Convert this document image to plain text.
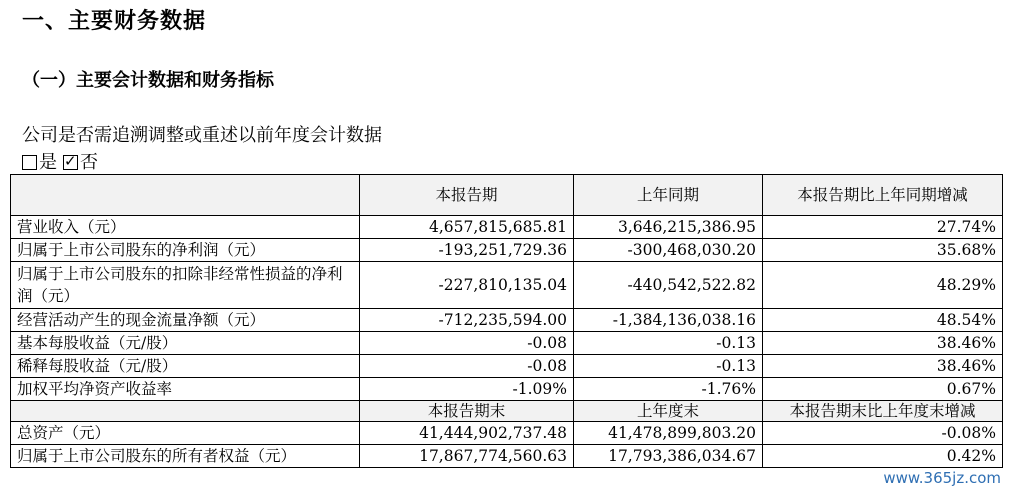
一、主要财务数据
（一）主要会计数据和财务指标
公司是否需追溯调整或重述以前年度会计数据
是 ✓ 否
	本报告期	上年同期	本报告期比上年同期增减
营业收入（元）	4,657,815,685.81	3,646,215,386.95	27.74%
归属于上市公司股东的净利润（元）	-193,251,729.36	-300,468,030.20	35.68%
归属于上市公司股东的扣除非经常性损益的净利润（元）	-227,810,135.04	-440,542,522.82	48.29%
经营活动产生的现金流量净额（元）	-712,235,594.00	-1,384,136,038.16	48.54%
基本每股收益（元/股）	-0.08	-0.13	38.46%
稀释每股收益（元/股）	-0.08	-0.13	38.46%
加权平均净资产收益率	-1.09%	-1.76%	0.67%
	本报告期末	上年度末	本报告期末比上年度末增减
总资产（元）	41,444,902,737.48	41,478,899,803.20	-0.08%
归属于上市公司股东的所有者权益（元）	17,867,774,560.63	17,793,386,034.67	0.42%
www.365jz.com
